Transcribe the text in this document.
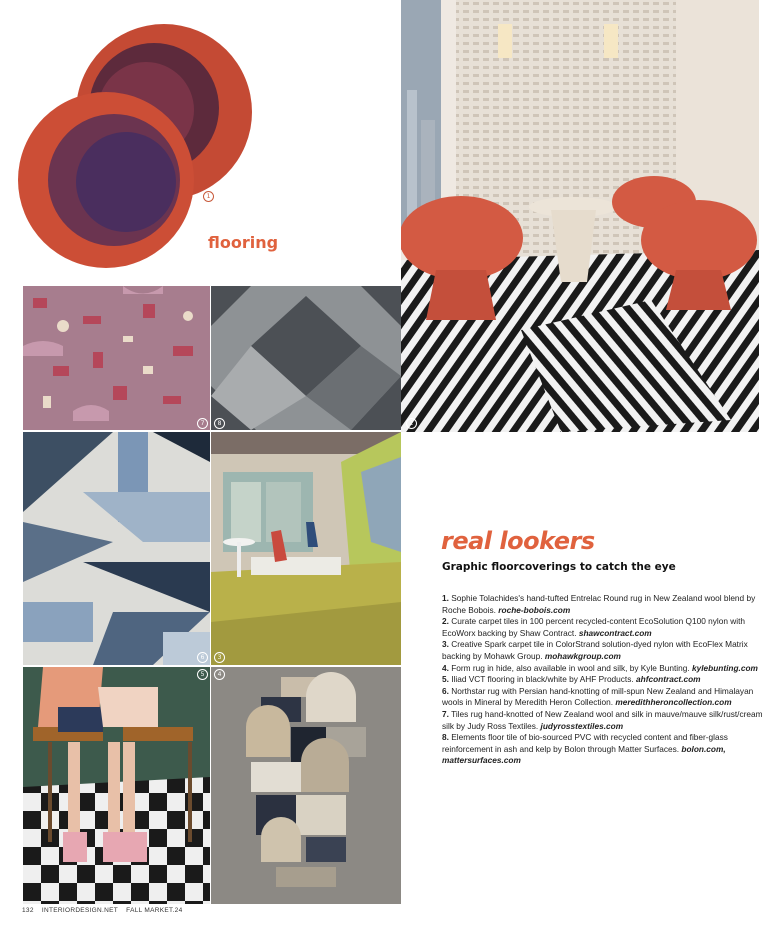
1
flooring
2
7	8
6	3
5	4
real lookers
Graphic floorcoverings to catch the eye
1. Sophie Tolachides's hand-tufted Entrelac Round rug in New Zealand wool blend by Roche Bobois. roche-bobois.com
2. Curate carpet tiles in 100 percent recycled-content EcoSolution Q100 nylon with EcoWorx backing by Shaw Contract. shawcontract.com
3. Creative Spark carpet tile in ColorStrand solution-dyed nylon with EcoFlex Matrix backing by Mohawk Group. mohawkgroup.com
4. Form rug in hide, also available in wool and silk, by Kyle Bunting. kylebunting.com
5. Iliad VCT flooring in black/white by AHF Products. ahfcontract.com
6. Northstar rug with Persian hand-knotting of mill-spun New Zealand and Himalayan wools in Mineral by Meredith Heron Collection. meredithheroncollection.com
7. Tiles rug hand-knotted of New Zealand wool and silk in mauve/mauve silk/rust/cream silk by Judy Ross Textiles. judyrosstextiles.com
8. Elements floor tile of bio-sourced PVC with recycled content and fiber-glass reinforcement in ash and kelp by Bolon through Matter Surfaces. bolon.com, mattersurfaces.com
132 INTERIORDESIGN.NET FALL MARKET.24
